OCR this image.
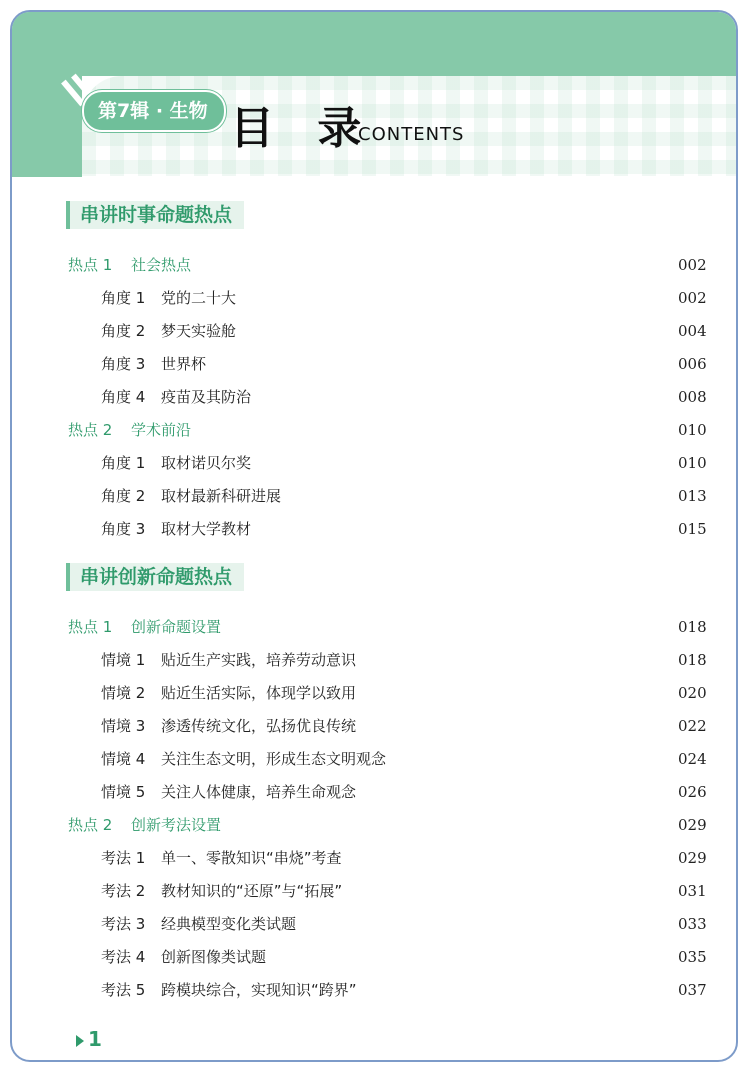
第7辑 · 生物 目 录
CONTENTS
串讲时事命题热点
热点 1 社会热点	002
角度 1 党的二十大	002
角度 2 梦天实验舱	004
角度 3 世界杯	006
角度 4 疫苗及其防治	008
热点 2 学术前沿	010
角度 1 取材诺贝尔奖	010
角度 2 取材最新科研进展	013
角度 3 取材大学教材	015
串讲创新命题热点
热点 1 创新命题设置	018
情境 1 贴近生产实践，培养劳动意识	018
情境 2 贴近生活实际，体现学以致用	020
情境 3 渗透传统文化，弘扬优良传统	022
情境 4 关注生态文明，形成生态文明观念	024
情境 5 关注人体健康，培养生命观念	026
热点 2 创新考法设置	029
考法 1 单一、零散知识“串烧”考查	029
考法 2 教材知识的“还原”与“拓展”	031
考法 3 经典模型变化类试题	033
考法 4 创新图像类试题	035
考法 5 跨模块综合，实现知识“跨界”	037
1
